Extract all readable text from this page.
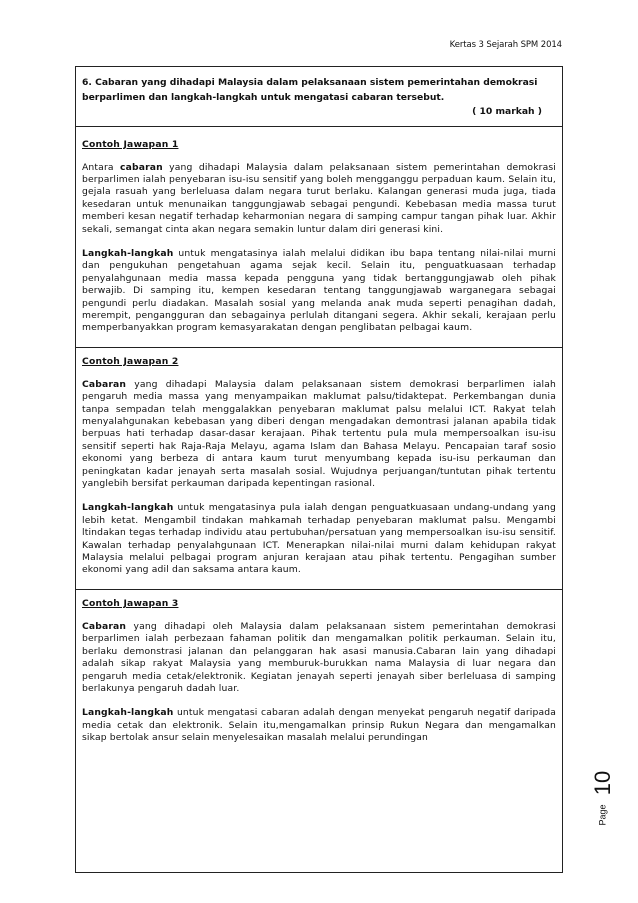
Kertas 3 Sejarah SPM 2014
6. Cabaran yang dihadapi Malaysia dalam pelaksanaan sistem pemerintahan demokrasi berparlimen dan langkah-langkah untuk mengatasi cabaran tersebut.
( 10 markah )
Contoh Jawapan 1

Antara cabaran yang dihadapi Malaysia dalam pelaksanaan sistem pemerintahan demokrasi berparlimen ialah penyebaran isu-isu sensitif yang boleh mengganggu perpaduan kaum. Selain itu, gejala rasuah yang berleluasa dalam negara turut berlaku. Kalangan generasi muda juga, tiada kesedaran untuk menunaikan tanggungjawab sebagai pengundi. Kebebasan media massa turut memberi kesan negatif terhadap keharmonian negara di samping campur tangan pihak luar. Akhir sekali, semangat cinta akan negara semakin luntur dalam diri generasi kini.

Langkah-langkah untuk mengatasinya ialah melalui didikan ibu bapa tentang nilai-nilai murni dan pengukuhan pengetahuan agama sejak kecil. Selain itu, penguatkuasaan terhadap penyalahgunaan media massa kepada pengguna yang tidak bertanggungjawab oleh pihak berwajib. Di samping itu, kempen kesedaran tentang tanggungjawab warganegara sebagai pengundi perlu diadakan. Masalah sosial yang melanda anak muda seperti penagihan dadah, merempit, pengangguran dan sebagainya perlulah ditangani segera. Akhir sekali, kerajaan perlu memperbanyakkan program kemasyarakatan dengan penglibatan pelbagai kaum.

Contoh Jawapan 2

Cabaran yang dihadapi Malaysia dalam pelaksanaan sistem demokrasi berparlimen ialah pengaruh media massa yang menyampaikan maklumat palsu/tidaktepat. Perkembangan dunia tanpa sempadan telah menggalakkan penyebaran maklumat palsu melalui ICT. Rakyat telah menyalahgunakan kebebasan yang diberi dengan mengadakan demontrasi jalanan apabila tidak berpuas hati terhadap dasar-dasar kerajaan. Pihak tertentu pula mula mempersoalkan isu-isu sensitif seperti hak Raja-Raja Melayu, agama Islam dan Bahasa Melayu. Pencapaian taraf sosio ekonomi yang berbeza di antara kaum turut menyumbang kepada isu-isu perkauman dan peningkatan kadar jenayah serta masalah sosial. Wujudnya perjuangan/tuntutan pihak tertentu yanglebih bersifat perkauman daripada kepentingan rasional.

Langkah-langkah untuk mengatasinya pula ialah dengan penguatkuasaan undang-undang yang lebih ketat. Mengambil tindakan mahkamah terhadap penyebaran maklumat palsu. Mengambi ltindakan tegas terhadap individu atau pertubuhan/persatuan yang mempersoalkan isu-isu sensitif. Kawalan terhadap penyalahgunaan ICT. Menerapkan nilai-nilai murni dalam kehidupan rakyat Malaysia melalui pelbagai program anjuran kerajaan atau pihak tertentu. Pengagihan sumber ekonomi yang adil dan saksama antara kaum.

Contoh Jawapan 3

Cabaran yang dihadapi oleh Malaysia dalam pelaksanaan sistem pemerintahan demokrasi berparlimen ialah perbezaan fahaman politik dan mengamalkan politik perkauman. Selain itu, berlaku demonstrasi jalanan dan pelanggaran hak asasi manusia.Cabaran lain yang dihadapi adalah sikap rakyat Malaysia yang memburuk-burukkan nama Malaysia di luar negara dan pengaruh media cetak/elektronik. Kegiatan jenayah seperti jenayah siber berleluasa di samping berlakunya pengaruh dadah luar.

Langkah-langkah untuk mengatasi cabaran adalah dengan menyekat pengaruh negatif daripada media cetak dan elektronik. Selain itu,mengamalkan prinsip Rukun Negara dan mengamalkan sikap bertolak ansur selain menyelesaikan masalah melalui perundingan

10
Page
